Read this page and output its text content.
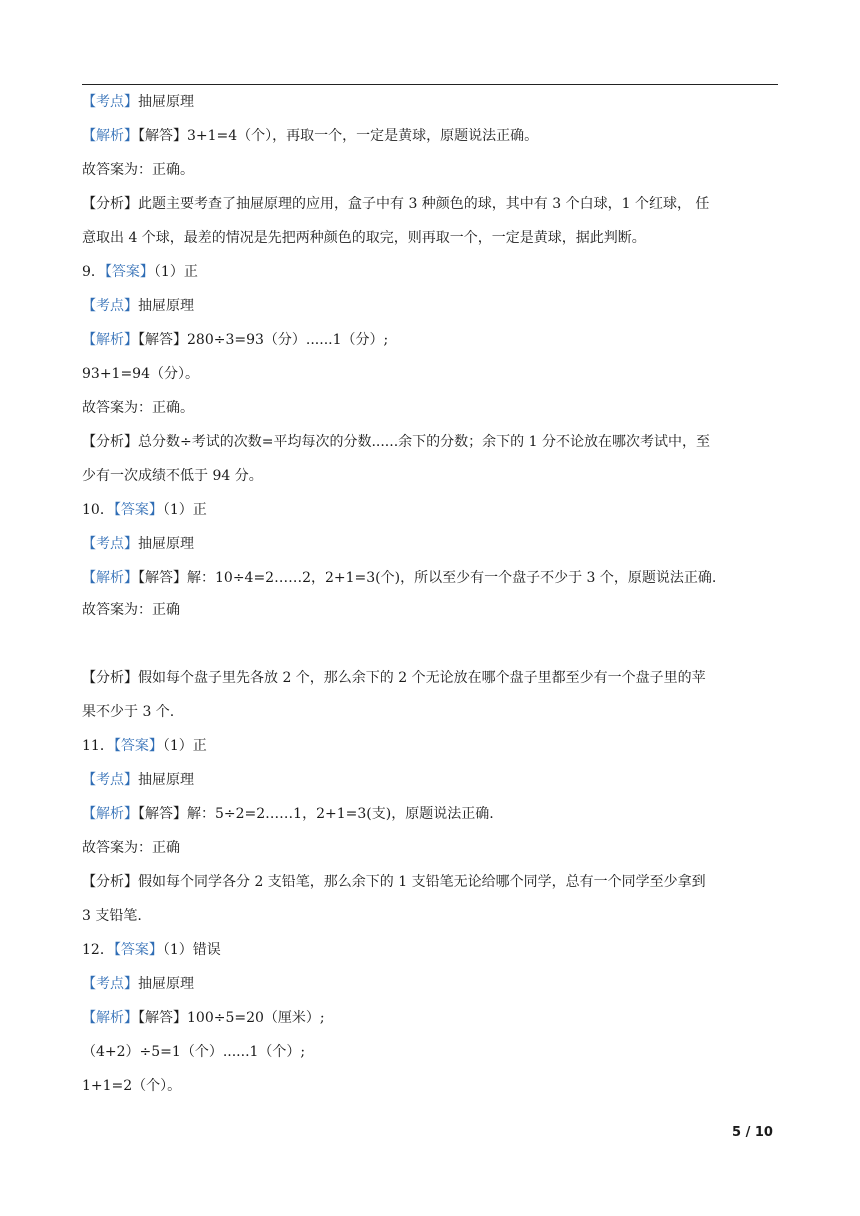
【考点】抽屉原理
【解析】【解答】3+1=4（个），再取一个，一定是黄球，原题说法正确。
故答案为：正确。
【分析】此题主要考查了抽屉原理的应用，盒子中有 3 种颜色的球，其中有 3 个白球，1 个红球， 任
意取出 4 个球，最差的情况是先把两种颜色的取完，则再取一个，一定是黄球，据此判断。
9．【答案】（1）正
【考点】抽屉原理
【解析】【解答】280÷3=93（分）......1（分）;
93+1=94（分）。
故答案为：正确。
【分析】总分数÷考试的次数=平均每次的分数......余下的分数；余下的 1 分不论放在哪次考试中，至
少有一次成绩不低于 94 分。
10．【答案】（1）正
【考点】抽屉原理
【解析】【解答】解：10÷4=2……2，2+1=3(个)，所以至少有一个盘子不少于 3 个，原题说法正确.
故答案为：正确
【分析】假如每个盘子里先各放 2 个，那么余下的 2 个无论放在哪个盘子里都至少有一个盘子里的苹
果不少于 3 个.
11．【答案】（1）正
【考点】抽屉原理
【解析】【解答】解：5÷2=2……1，2+1=3(支)，原题说法正确.
故答案为：正确
【分析】假如每个同学各分 2 支铅笔，那么余下的 1 支铅笔无论给哪个同学，总有一个同学至少拿到
3 支铅笔.
12．【答案】（1）错误
【考点】抽屉原理
【解析】【解答】100÷5=20（厘米）;
（4+2）÷5=1（个）......1（个）;
1+1=2（个）。
5 / 10
